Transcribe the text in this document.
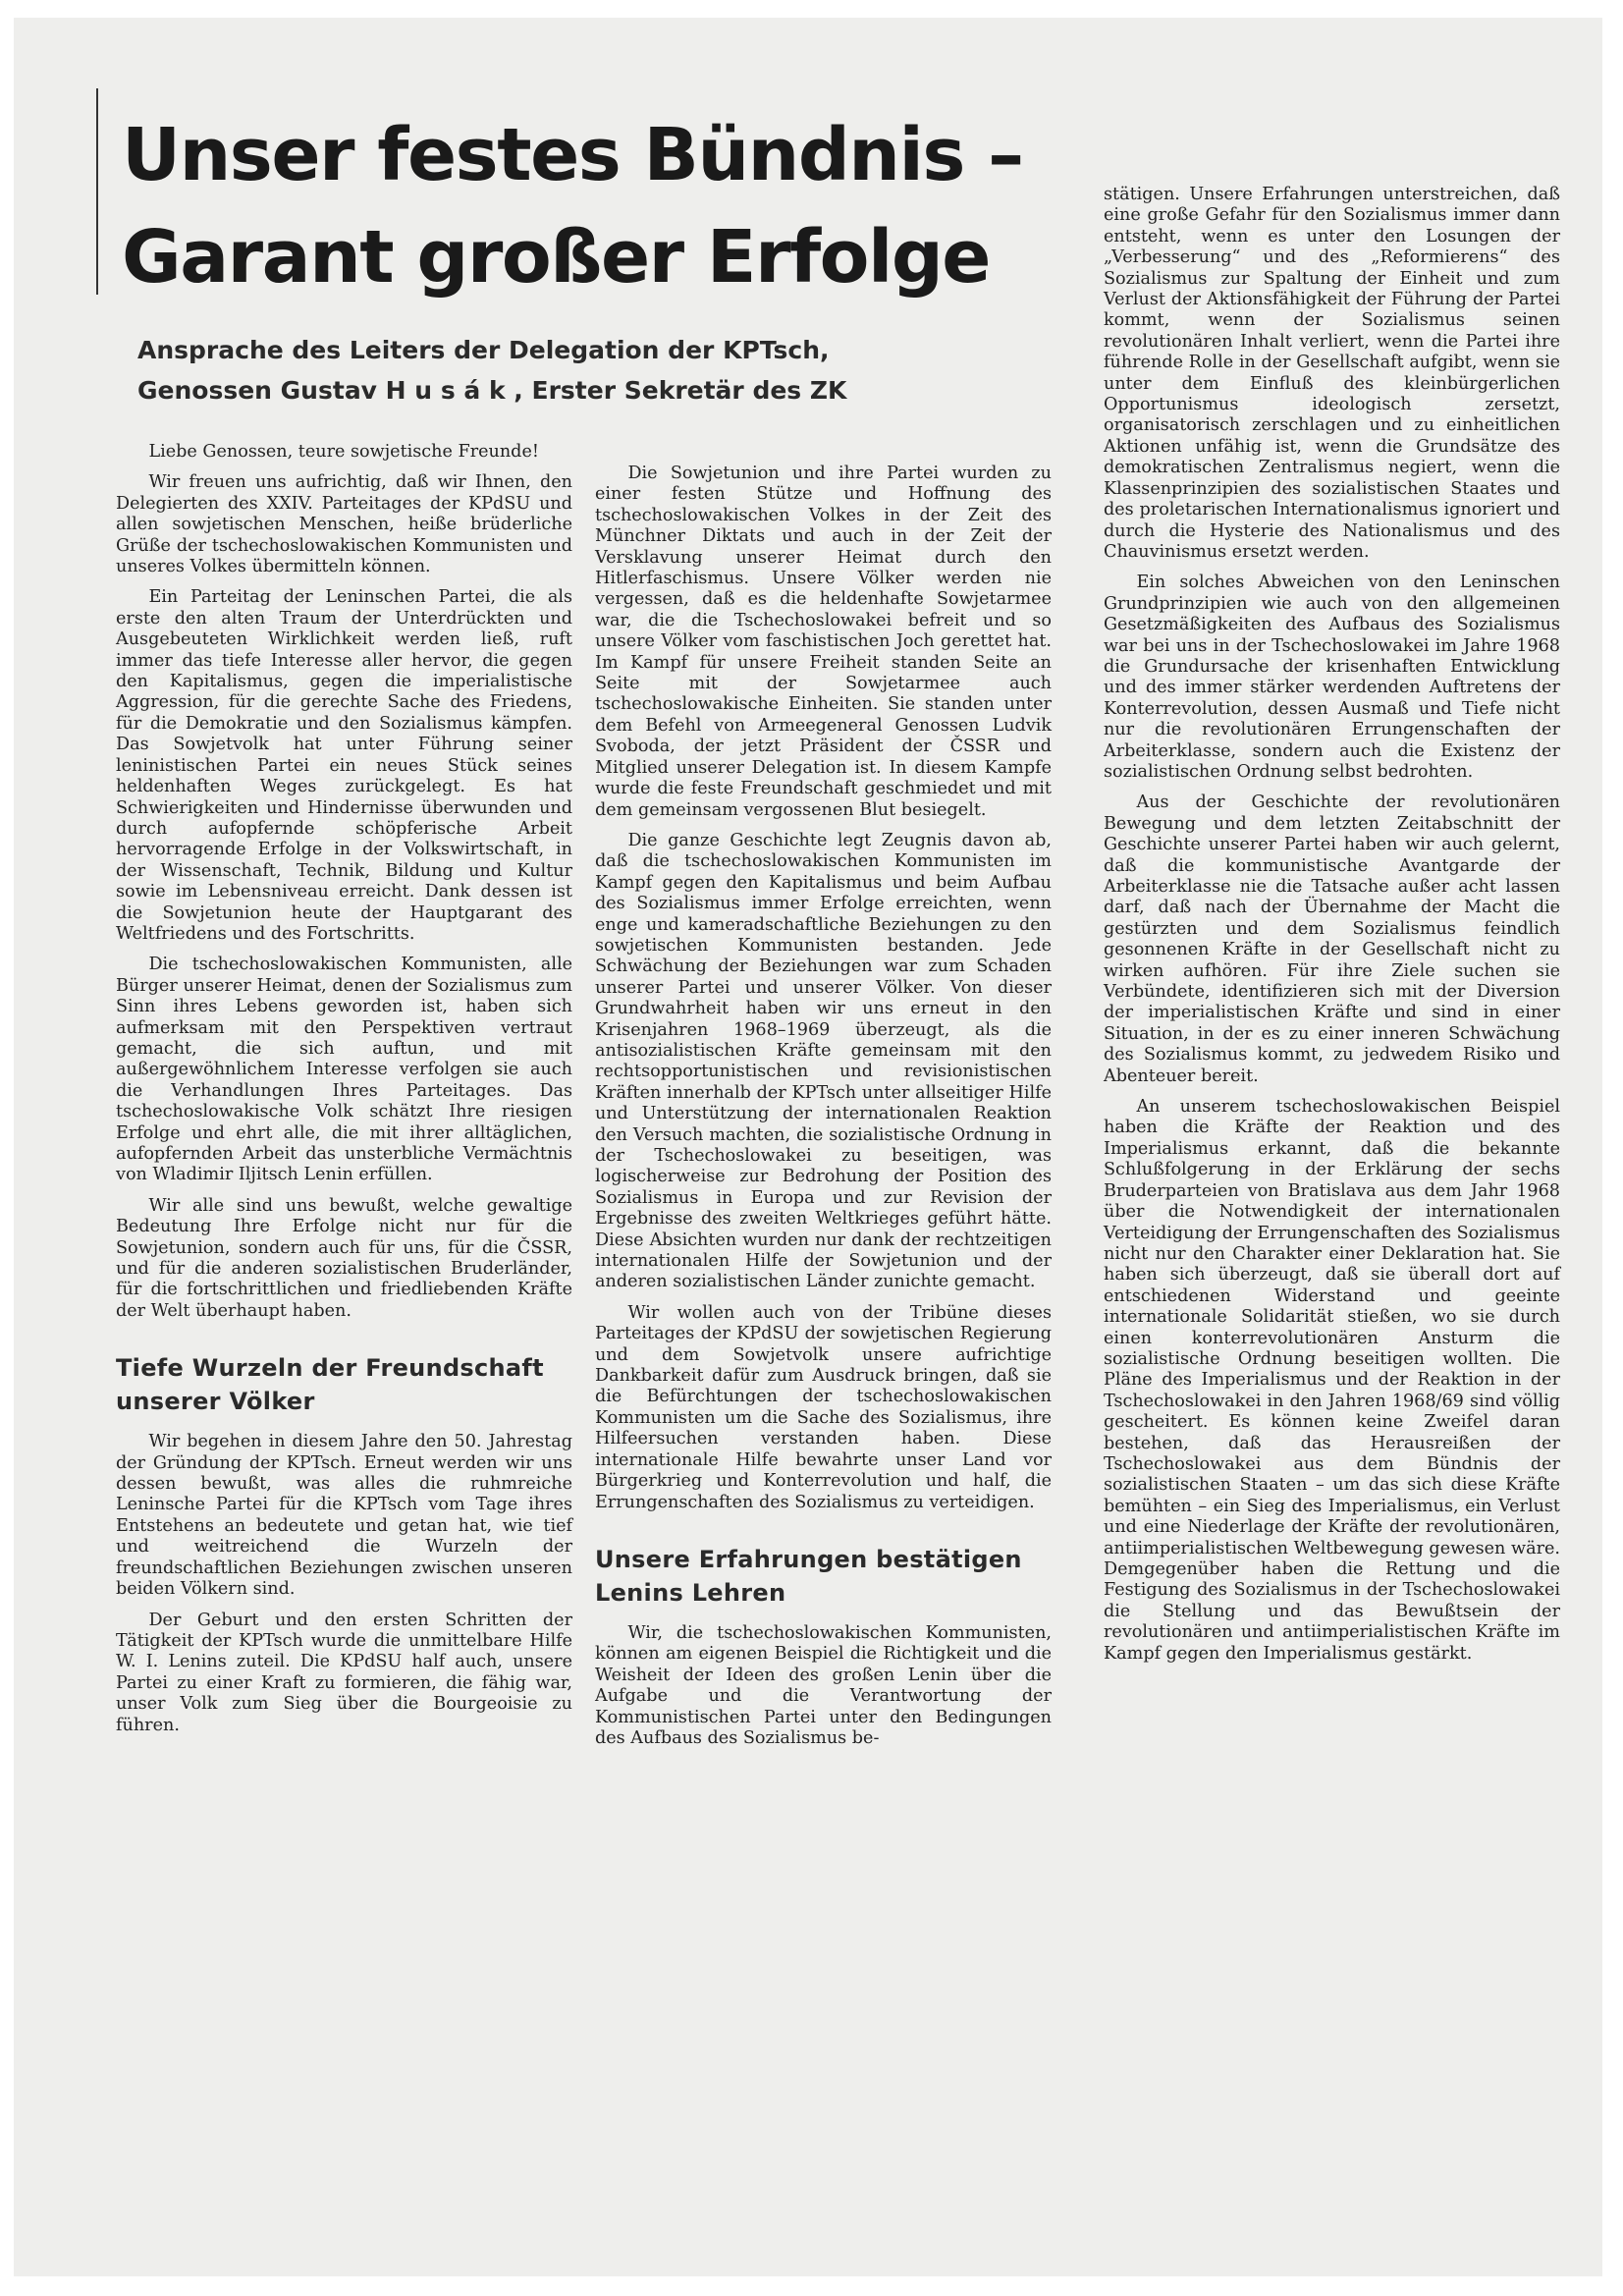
Unser festes Bündnis –
Garant großer Erfolge
Ansprache des Leiters der Delegation der KPTsch,
Genossen Gustav H u s á k , Erster Sekretär des ZK

Liebe Genossen, teure sowjetische Freunde!

Wir freuen uns aufrichtig, daß wir Ihnen, den Delegierten des XXIV. Parteitages der KPdSU und allen sowjetischen Menschen, heiße brüderliche Grüße der tschechoslowakischen Kommunisten und unseres Volkes übermitteln können.

Ein Parteitag der Leninschen Partei, die als erste den alten Traum der Unterdrückten und Ausgebeuteten Wirklichkeit werden ließ, ruft immer das tiefe Interesse aller hervor, die gegen den Kapitalismus, gegen die imperialistische Aggression, für die gerechte Sache des Friedens, für die Demokratie und den Sozialismus kämpfen. Das Sowjetvolk hat unter Führung seiner leninistischen Partei ein neues Stück seines heldenhaften Weges zurückgelegt. Es hat Schwierigkeiten und Hindernisse überwunden und durch aufopfernde schöpferische Arbeit hervorragende Erfolge in der Volkswirtschaft, in der Wissenschaft, Technik, Bildung und Kultur sowie im Lebensniveau erreicht. Dank dessen ist die Sowjetunion heute der Hauptgarant des Weltfriedens und des Fortschritts.

Die tschechoslowakischen Kommunisten, alle Bürger unserer Heimat, denen der Sozialismus zum Sinn ihres Lebens geworden ist, haben sich aufmerksam mit den Perspektiven vertraut gemacht, die sich auftun, und mit außergewöhnlichem Interesse verfolgen sie auch die Verhandlungen Ihres Parteitages. Das tschechoslowakische Volk schätzt Ihre riesigen Erfolge und ehrt alle, die mit ihrer alltäglichen, aufopfernden Arbeit das unsterbliche Vermächtnis von Wladimir Iljitsch Lenin erfüllen.

Wir alle sind uns bewußt, welche gewaltige Bedeutung Ihre Erfolge nicht nur für die Sowjetunion, sondern auch für uns, für die ČSSR, und für die anderen sozialistischen Bruderländer, für die fortschrittlichen und friedliebenden Kräfte der Welt überhaupt haben.

Tiefe Wurzeln der Freundschaft unserer Völker

Wir begehen in diesem Jahre den 50. Jahrestag der Gründung der KPTsch. Erneut werden wir uns dessen bewußt, was alles die ruhmreiche Leninsche Partei für die KPTsch vom Tage ihres Entstehens an bedeutete und getan hat, wie tief und weitreichend die Wurzeln der freundschaftlichen Beziehungen zwischen unseren beiden Völkern sind.

Der Geburt und den ersten Schritten der Tätigkeit der KPTsch wurde die unmittelbare Hilfe W. I. Lenins zuteil. Die KPdSU half auch, unsere Partei zu einer Kraft zu formieren, die fähig war, unser Volk zum Sieg über die Bourgeoisie zu führen.

Die Sowjetunion und ihre Partei wurden zu einer festen Stütze und Hoffnung des tschechoslowakischen Volkes in der Zeit des Münchner Diktats und auch in der Zeit der Versklavung unserer Heimat durch den Hitlerfaschismus. Unsere Völker werden nie vergessen, daß es die heldenhafte Sowjetarmee war, die die Tschechoslowakei befreit und so unsere Völker vom faschistischen Joch gerettet hat. Im Kampf für unsere Freiheit standen Seite an Seite mit der Sowjetarmee auch tschechoslowakische Einheiten. Sie standen unter dem Befehl von Armeegeneral Genossen Ludvik Svoboda, der jetzt Präsident der ČSSR und Mitglied unserer Delegation ist. In diesem Kampfe wurde die feste Freundschaft geschmiedet und mit dem gemeinsam vergossenen Blut besiegelt.

Die ganze Geschichte legt Zeugnis davon ab, daß die tschechoslowakischen Kommunisten im Kampf gegen den Kapitalismus und beim Aufbau des Sozialismus immer Erfolge erreichten, wenn enge und kameradschaftliche Beziehungen zu den sowjetischen Kommunisten bestanden. Jede Schwächung der Beziehungen war zum Schaden unserer Partei und unserer Völker. Von dieser Grundwahrheit haben wir uns erneut in den Krisenjahren 1968–1969 überzeugt, als die antisozialistischen Kräfte gemeinsam mit den rechtsopportunistischen und revisionistischen Kräften innerhalb der KPTsch unter allseitiger Hilfe und Unterstützung der internationalen Reaktion den Versuch machten, die sozialistische Ordnung in der Tschechoslowakei zu beseitigen, was logischerweise zur Bedrohung der Position des Sozialismus in Europa und zur Revision der Ergebnisse des zweiten Weltkrieges geführt hätte. Diese Absichten wurden nur dank der rechtzeitigen internationalen Hilfe der Sowjetunion und der anderen sozialistischen Länder zunichte gemacht.

Wir wollen auch von der Tribüne dieses Parteitages der KPdSU der sowjetischen Regierung und dem Sowjetvolk unsere aufrichtige Dankbarkeit dafür zum Ausdruck bringen, daß sie die Befürchtungen der tschechoslowakischen Kommunisten um die Sache des Sozialismus, ihre Hilfeersuchen verstanden haben. Diese internationale Hilfe bewahrte unser Land vor Bürgerkrieg und Konterrevolution und half, die Errungenschaften des Sozialismus zu verteidigen.

Unsere Erfahrungen bestätigen Lenins Lehren

Wir, die tschechoslowakischen Kommunisten, können am eigenen Beispiel die Richtigkeit und die Weisheit der Ideen des großen Lenin über die Aufgabe und die Verantwortung der Kommunistischen Partei unter den Bedingungen des Aufbaus des Sozialismus be-

stätigen. Unsere Erfahrungen unterstreichen, daß eine große Gefahr für den Sozialismus immer dann entsteht, wenn es unter den Losungen der „Verbesserung“ und des „Reformierens“ des Sozialismus zur Spaltung der Einheit und zum Verlust der Aktionsfähigkeit der Führung der Partei kommt, wenn der Sozialismus seinen revolutionären Inhalt verliert, wenn die Partei ihre führende Rolle in der Gesellschaft aufgibt, wenn sie unter dem Einfluß des kleinbürgerlichen Opportunismus ideologisch zersetzt, organisatorisch zerschlagen und zu einheitlichen Aktionen unfähig ist, wenn die Grundsätze des demokratischen Zentralismus negiert, wenn die Klassenprinzipien des sozialistischen Staates und des proletarischen Internationalismus ignoriert und durch die Hysterie des Nationalismus und des Chauvinismus ersetzt werden.

Ein solches Abweichen von den Leninschen Grundprinzipien wie auch von den allgemeinen Gesetzmäßigkeiten des Aufbaus des Sozialismus war bei uns in der Tschechoslowakei im Jahre 1968 die Grundursache der krisenhaften Entwicklung und des immer stärker werdenden Auftretens der Konterrevolution, dessen Ausmaß und Tiefe nicht nur die revolutionären Errungenschaften der Arbeiterklasse, sondern auch die Existenz der sozialistischen Ordnung selbst bedrohten.

Aus der Geschichte der revolutionären Bewegung und dem letzten Zeitabschnitt der Geschichte unserer Partei haben wir auch gelernt, daß die kommunistische Avantgarde der Arbeiterklasse nie die Tatsache außer acht lassen darf, daß nach der Übernahme der Macht die gestürzten und dem Sozialismus feindlich gesonnenen Kräfte in der Gesellschaft nicht zu wirken aufhören. Für ihre Ziele suchen sie Verbündete, identifizieren sich mit der Diversion der imperialistischen Kräfte und sind in einer Situation, in der es zu einer inneren Schwächung des Sozialismus kommt, zu jedwedem Risiko und Abenteuer bereit.

An unserem tschechoslowakischen Beispiel haben die Kräfte der Reaktion und des Imperialismus erkannt, daß die bekannte Schlußfolgerung in der Erklärung der sechs Bruderparteien von Bratislava aus dem Jahr 1968 über die Notwendigkeit der internationalen Verteidigung der Errungenschaften des Sozialismus nicht nur den Charakter einer Deklaration hat. Sie haben sich überzeugt, daß sie überall dort auf entschiedenen Widerstand und geeinte internationale Solidarität stießen, wo sie durch einen konterrevolutionären Ansturm die sozialistische Ordnung beseitigen wollten. Die Pläne des Imperialismus und der Reaktion in der Tschechoslowakei in den Jahren 1968/69 sind völlig gescheitert. Es können keine Zweifel daran bestehen, daß das Herausreißen der Tschechoslowakei aus dem Bündnis der sozialistischen Staaten – um das sich diese Kräfte bemühten – ein Sieg des Imperialismus, ein Verlust und eine Niederlage der Kräfte der revolutionären, antiimperialistischen Weltbewegung gewesen wäre. Demgegenüber haben die Rettung und die Festigung des Sozialismus in der Tschechoslowakei die Stellung und das Bewußtsein der revolutionären und antiimperialistischen Kräfte im Kampf gegen den Imperialismus gestärkt.
